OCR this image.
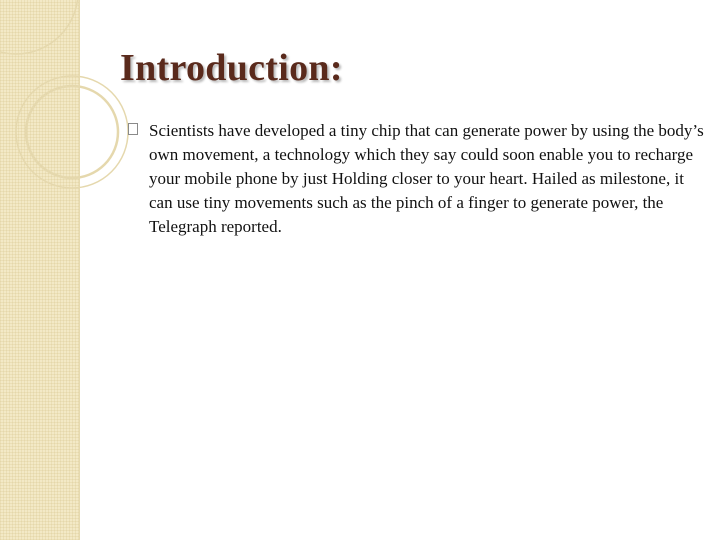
Introduction:

Scientists have developed a tiny chip that can generate power by using the body’s own movement, a technology which they say could soon enable you to recharge your mobile phone by just Holding closer to your heart. Hailed as milestone, it can use tiny movements such as the pinch of a finger to generate power, the Telegraph reported.
